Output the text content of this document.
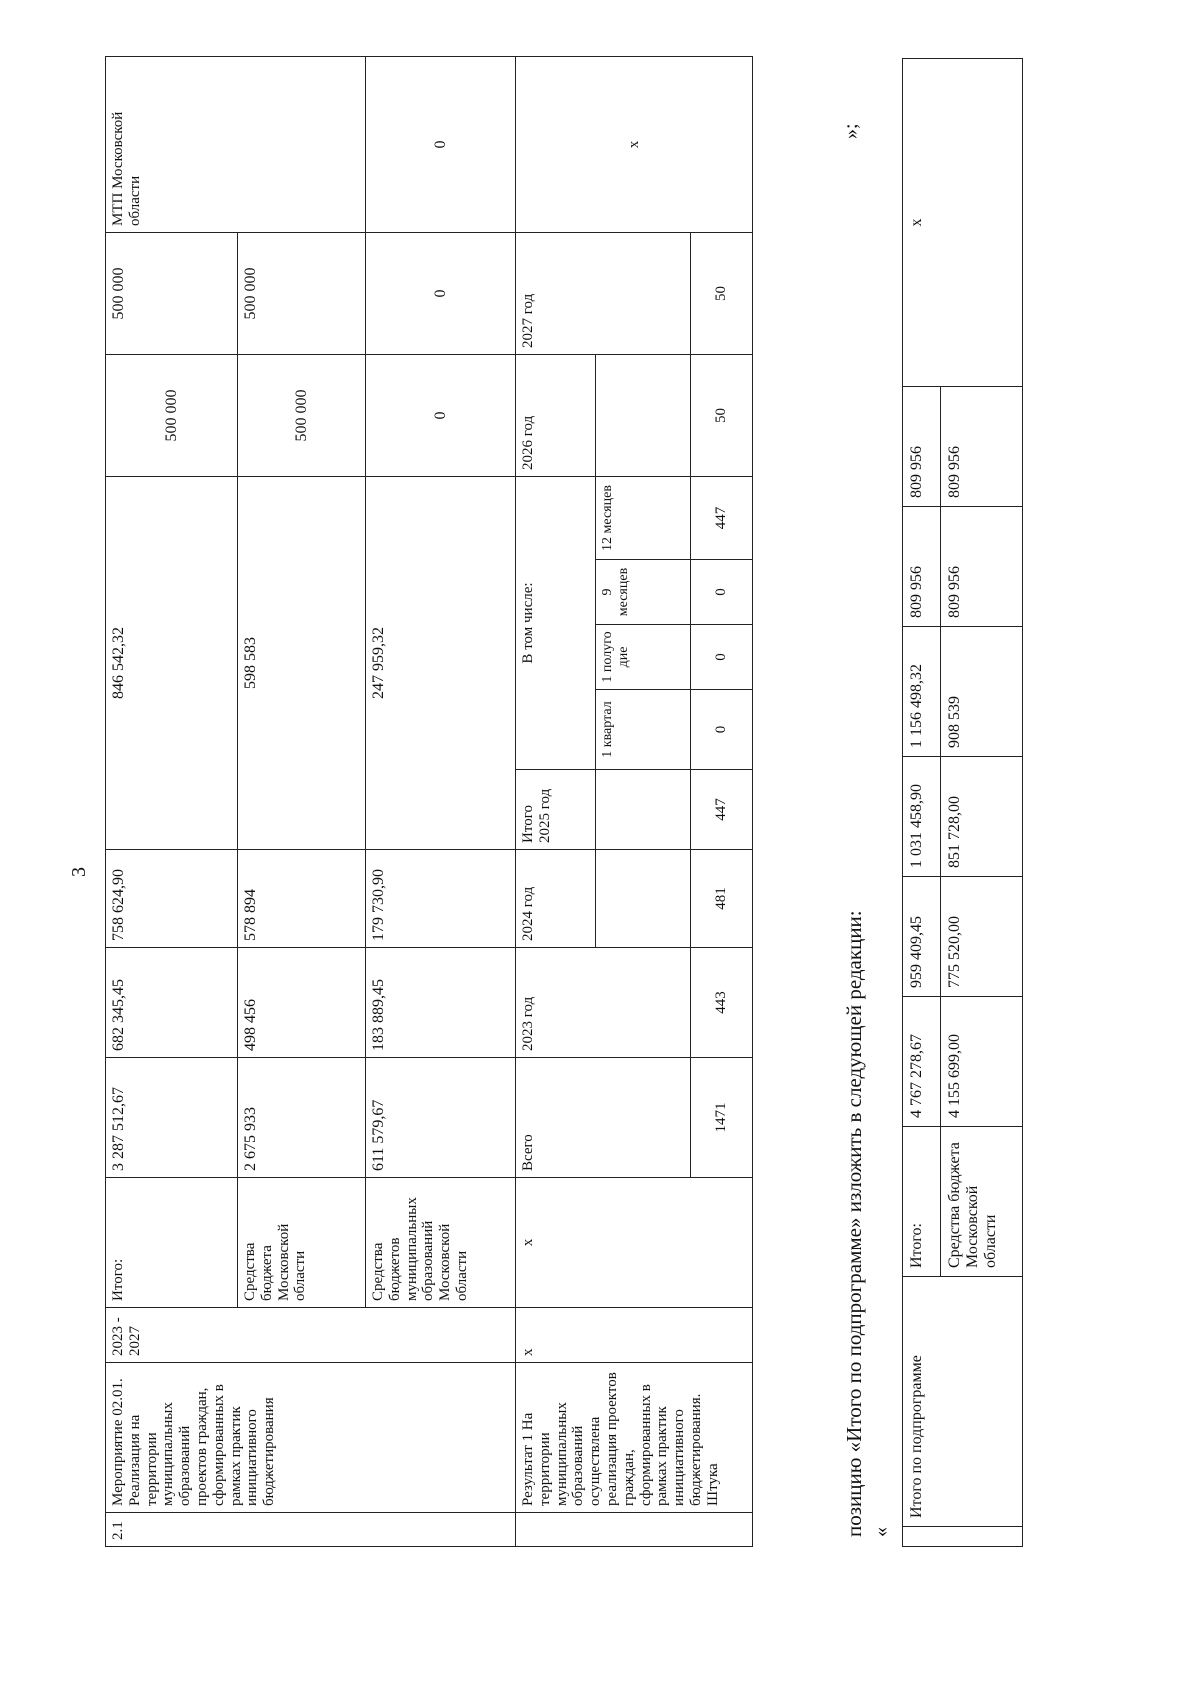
3
2.1	Мероприятие 02.01. Реализация на территории муниципальных образований проектов граждан, сформированных в рамках практик инициативного бюджетирования	2023 - 2027	Итого:	3 287 512,67	682 345,45	758 624,90	846 542,32					500 000	500 000	МТП Московской области
			Средства бюджета Московской области	2 675 933	498 456	578 894	598 583					500 000	500 000	
			Средства бюджетов муниципальных образований Московской области	611 579,67	183 889,45	179 730,90	247 959,32					0	0	0
	Результат 1 На территории муниципальных образований осуществлена реализация проектов граждан, сформированных в рамках практик инициативного бюджетирования. Штука	х	х	Всего	2023 год	2024 год	Итого 2025 год	В том числе:				2026 год	2027 год	х
								1 квартал	1 полуго дие	9 месяцев	12 месяцев			
				1471	443	481	447	0	0	0	447	50	50	
»;
позицию «Итого по подпрограмме» изложить в следующей редакции: «
	Итого по подпрограмме	Итого:	4 767 278,67	959 409,45	1 031 458,90	1 156 498,32	809 956	809 956	х
		Средства бюджета Московской области	4 155 699,00	775 520,00	851 728,00	908 539	809 956	809 956	
